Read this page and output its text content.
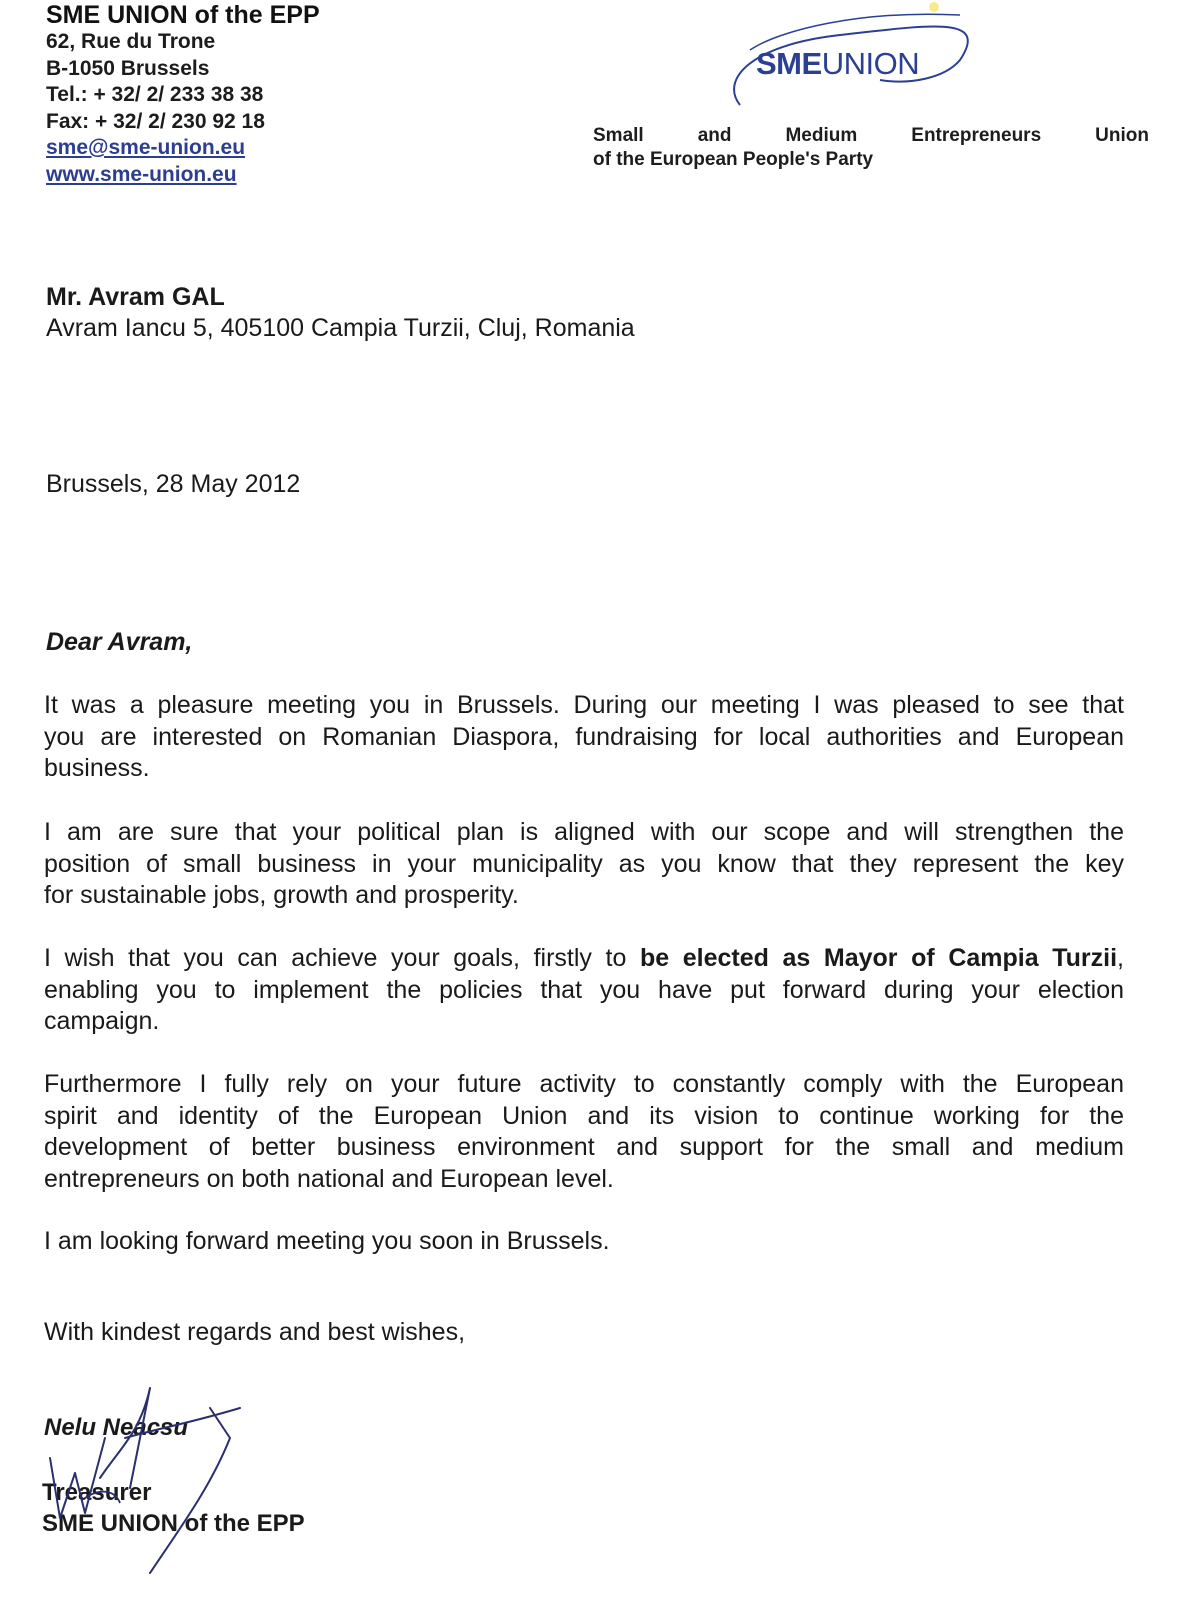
SME UNION of the EPP
62, Rue du Trone
B-1050 Brussels
Tel.: + 32/ 2/ 233 38 38
Fax: + 32/ 2/ 230 92 18
sme@sme-union.eu
www.sme-union.eu
SMEUNION
Small	and	Medium	Entrepreneurs	Union
of the European People's Party
Mr. Avram GAL
Avram Iancu 5, 405100 Campia Turzii, Cluj, Romania
Brussels, 28 May 2012
Dear Avram,
It was a pleasure meeting you in Brussels. During our meeting I was pleased to see that
you are interested on Romanian Diaspora, fundraising for local authorities and European
business.
I am are sure that your political plan is aligned with our scope and will strengthen the
position of small business in your municipality as you know that they represent the key
for sustainable jobs, growth and prosperity.
I wish that you can achieve your goals, firstly to be elected as Mayor of Campia Turzii,
enabling you to implement the policies that you have put forward during your election
campaign.
Furthermore I fully rely on your future activity to constantly comply with the European
spirit and identity of the European Union and its vision to continue working for the
development of better business environment and support for the small and medium
entrepreneurs on both national and European level.
I am looking forward meeting you soon in Brussels.
With kindest regards and best wishes,
Nelu Neacsu
Treasurer
SME UNION of the EPP
